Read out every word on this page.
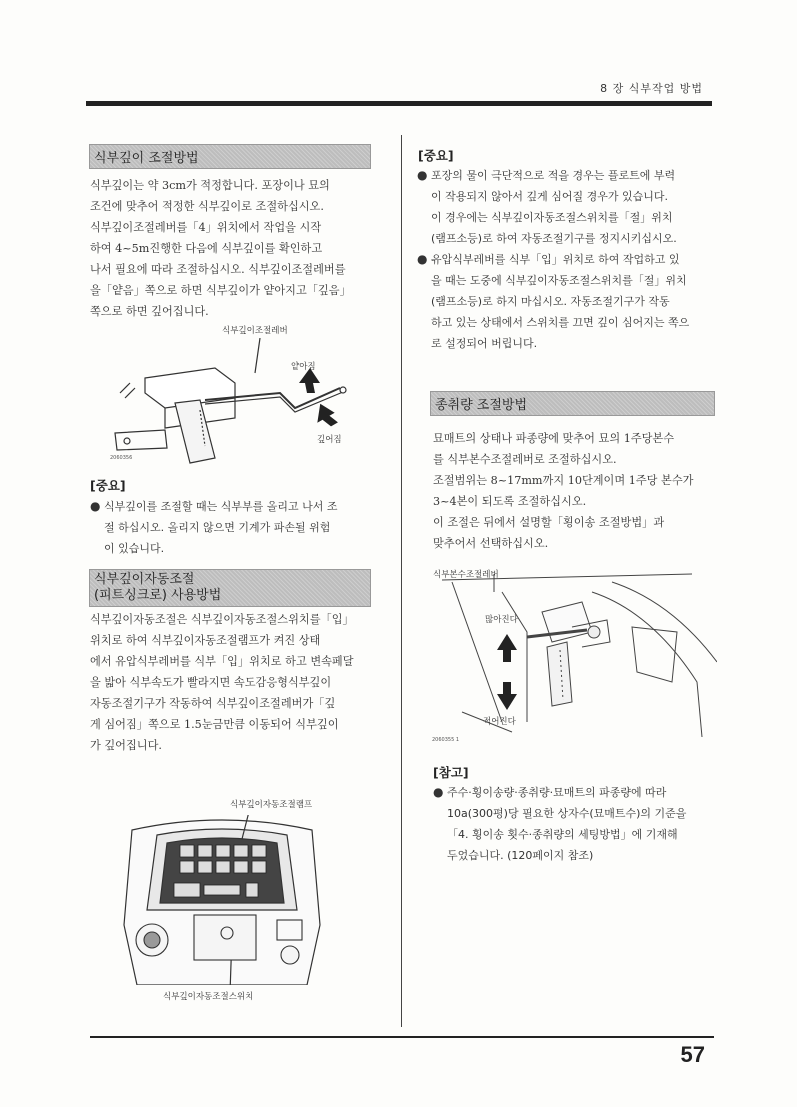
8 장 식부작업 방법
식부깊이 조절방법

식부깊이는 약 3cm가 적정합니다. 포장이나 묘의

조건에 맞추어 적정한 식부깊이로 조절하십시오.

식부깊이조절레버를「4」위치에서 작업을 시작

하여 4~5m진행한 다음에 식부깊이를 확인하고

나서 필요에 따라 조절하십시오. 식부깊이조절레버를

을「얕음」쪽으로 하면 식부깊이가 얕아지고「깊음」

쪽으로 하면 깊어집니다.

식부깊이조절레버
얕아짐
깊어짐
2060356
[중요]
● 식부깊이를 조절할 때는 식부부를 올리고 나서 조
절 하십시오. 올리지 않으면 기계가 파손될 위험
이 있습니다.
식부깊이자동조절
(피트싱크로) 사용방법

식부깊이자동조절은 식부깊이자동조절스위치를「입」

위치로 하여 식부깊이자동조절램프가 켜진 상태

에서 유압식부레버를 식부「입」위치로 하고 변속페달

을 밟아 식부속도가 빨라지면 속도감응형식부깊이

자동조절기구가 작동하여 식부깊이조절레버가「깊

게 심어짐」쪽으로 1.5눈금만큼 이동되어 식부깊이

가 깊어집니다.

식부깊이자동조절램프
식부깊이자동조절스위치
[중요]
● 포장의 물이 극단적으로 적을 경우는 플로트에 부력
이 작용되지 않아서 깊게 심어질 경우가 있습니다.
이 경우에는 식부깊이자동조절스위치를「절」위치
(램프소등)로 하여 자동조절기구를 정지시키십시오.
● 유압식부레버를 식부「입」위치로 하여 작업하고 있
을 때는 도중에 식부깊이자동조절스위치를「절」위치
(램프소등)로 하지 마십시오. 자동조절기구가 작동
하고 있는 상태에서 스위치를 끄면 깊이 심어지는 쪽으
로 설정되어 버립니다.
종취량 조절방법

묘매트의 상태나 파종량에 맞추어 묘의 1주당본수

를 식부본수조절레버로 조절하십시오.

조절범위는 8~17mm까지 10단계이며 1주당 본수가

3~4본이 되도록 조절하십시오.

이 조절은 뒤에서 설명할「횡이송 조절방법」과

맞추어서 선택하십시오.

식부본수조절레버
많아진다
적어진다
2060355 1
[참고]
● 주수·횡이송량·종취량·묘매트의 파종량에 따라
10a(300평)당 필요한 상자수(묘매트수)의 기준을
「4. 횡이송 횟수·종취량의 세팅방법」에 기재해
두었습니다. (120페이지 참조)
57
